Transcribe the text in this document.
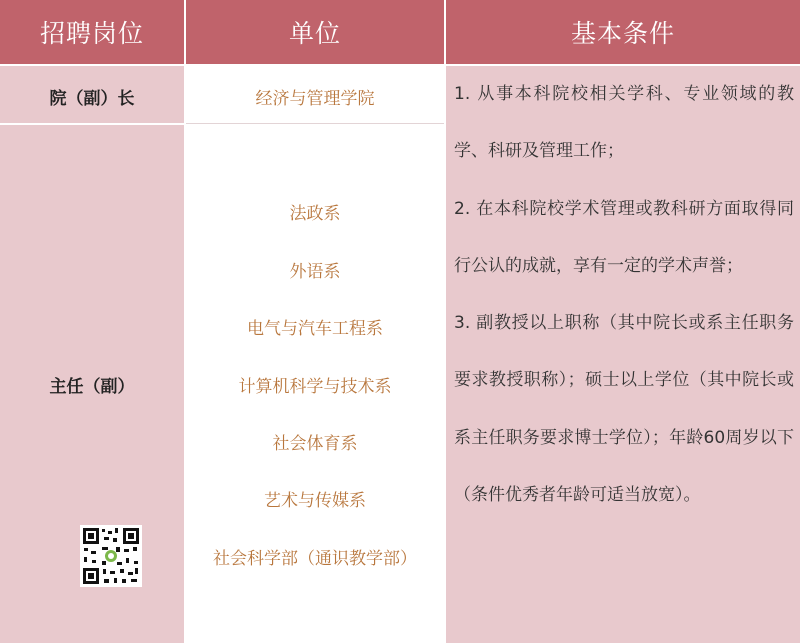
招聘岗位	单位	基本条件
院（副）长
主任（副）
经济与管理学院
法政系
外语系
电气与汽车工程系
计算机科学与技术系
社会体育系
艺术与传媒系
社会科学部（通识教学部）

1. 从事本科院校相关学科、专业领域的教学、科研及管理工作；

2. 在本科院校学术管理或教科研方面取得同行公认的成就，享有一定的学术声誉；

3. 副教授以上职称（其中院长或系主任职务要求教授职称）；硕士以上学位（其中院长或系主任职务要求博士学位）；年龄60周岁以下（条件优秀者年龄可适当放宽）。
